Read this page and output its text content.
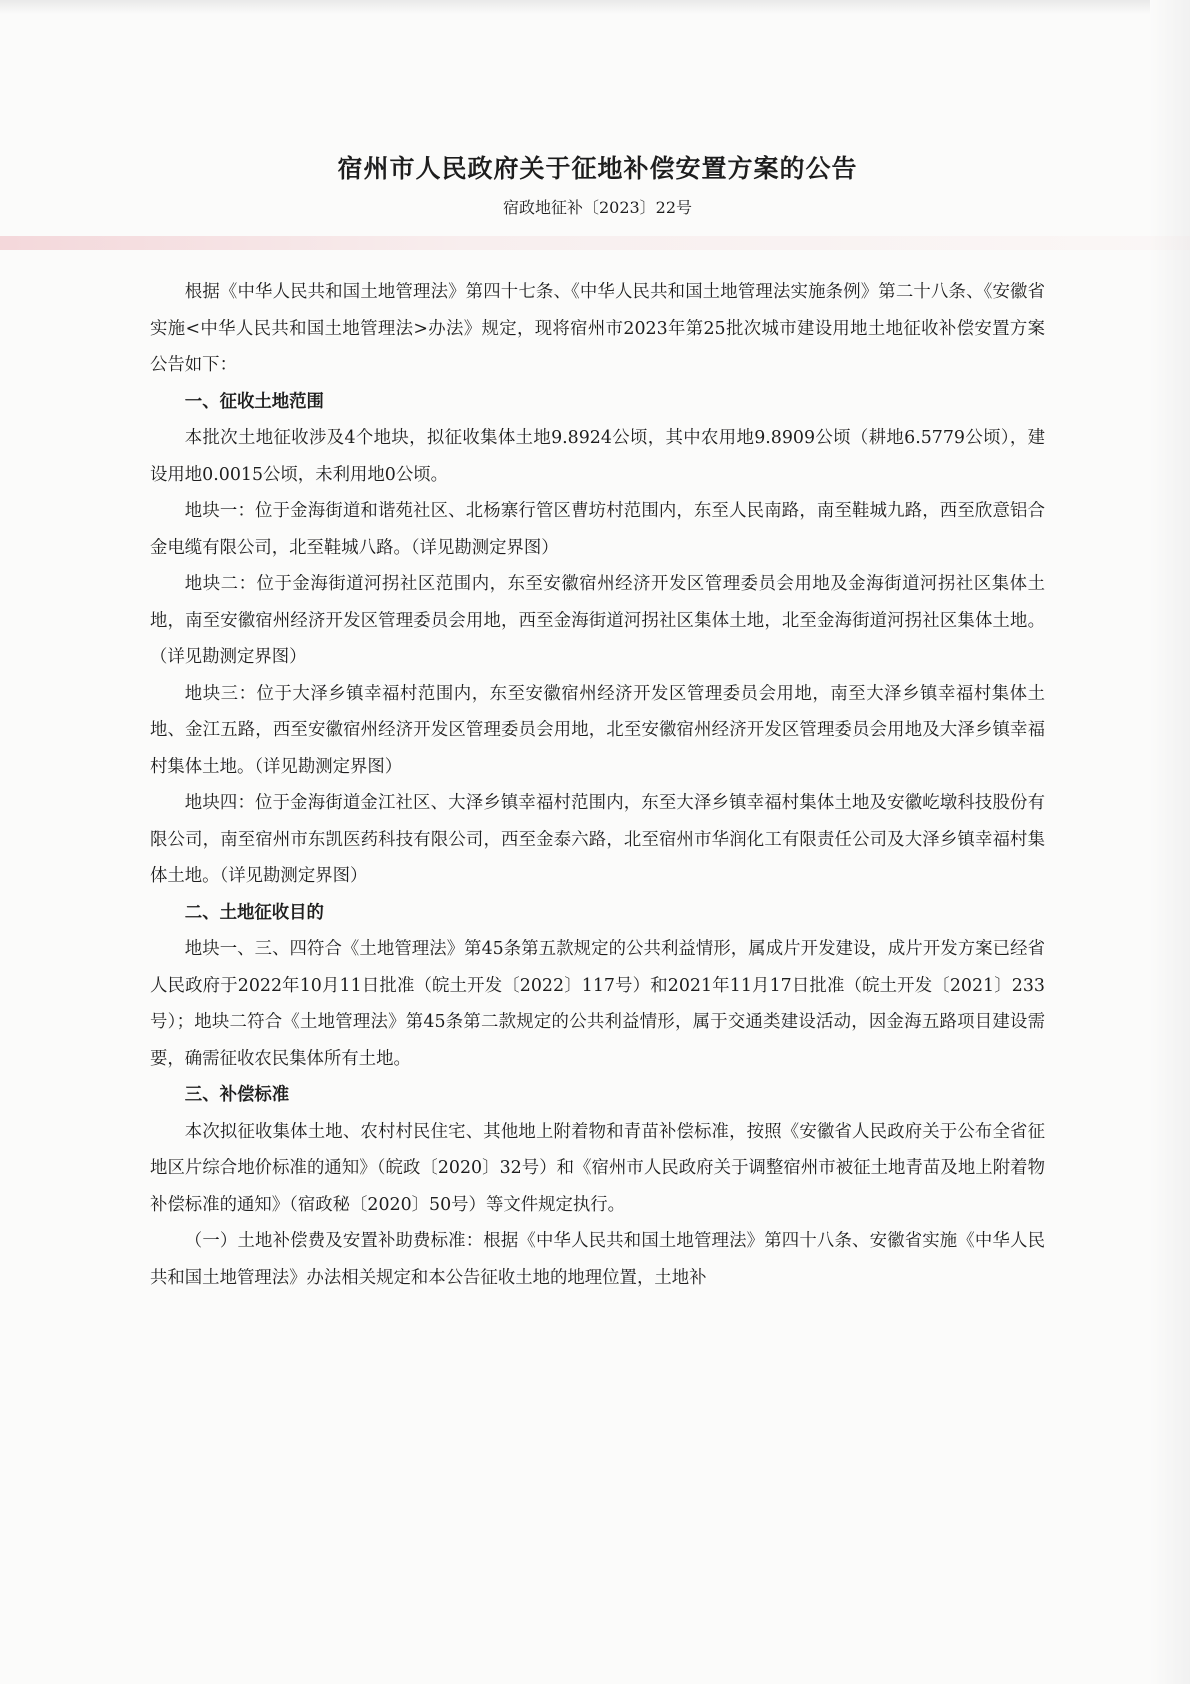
宿州市人民政府关于征地补偿安置方案的公告

宿政地征补〔2023〕22号

根据《中华人民共和国土地管理法》第四十七条、《中华人民共和国土地管理法实施条例》第二十八条、《安徽省实施<中华人民共和国土地管理法>办法》规定，现将宿州市2023年第25批次城市建设用地土地征收补偿安置方案公告如下：

一、征收土地范围

本批次土地征收涉及4个地块，拟征收集体土地9.8924公顷，其中农用地9.8909公顷（耕地6.5779公顷），建设用地0.0015公顷，未利用地0公顷。

地块一：位于金海街道和谐苑社区、北杨寨行管区曹坊村范围内，东至人民南路，南至鞋城九路，西至欣意铝合金电缆有限公司，北至鞋城八路。（详见勘测定界图）

地块二：位于金海街道河拐社区范围内，东至安徽宿州经济开发区管理委员会用地及金海街道河拐社区集体土地，南至安徽宿州经济开发区管理委员会用地，西至金海街道河拐社区集体土地，北至金海街道河拐社区集体土地。（详见勘测定界图）

地块三：位于大泽乡镇幸福村范围内，东至安徽宿州经济开发区管理委员会用地，南至大泽乡镇幸福村集体土地、金江五路，西至安徽宿州经济开发区管理委员会用地，北至安徽宿州经济开发区管理委员会用地及大泽乡镇幸福村集体土地。（详见勘测定界图）

地块四：位于金海街道金江社区、大泽乡镇幸福村范围内，东至大泽乡镇幸福村集体土地及安徽屹墩科技股份有限公司，南至宿州市东凯医药科技有限公司，西至金泰六路，北至宿州市华润化工有限责任公司及大泽乡镇幸福村集体土地。（详见勘测定界图）

二、土地征收目的

地块一、三、四符合《土地管理法》第45条第五款规定的公共利益情形，属成片开发建设，成片开发方案已经省人民政府于2022年10月11日批准（皖土开发〔2022〕117号）和2021年11月17日批准（皖土开发〔2021〕233号）；地块二符合《土地管理法》第45条第二款规定的公共利益情形，属于交通类建设活动，因金海五路项目建设需要，确需征收农民集体所有土地。

三、补偿标准

本次拟征收集体土地、农村村民住宅、其他地上附着物和青苗补偿标准，按照《安徽省人民政府关于公布全省征地区片综合地价标准的通知》（皖政〔2020〕32号）和《宿州市人民政府关于调整宿州市被征土地青苗及地上附着物补偿标准的通知》（宿政秘〔2020〕50号）等文件规定执行。

（一）土地补偿费及安置补助费标准：根据《中华人民共和国土地管理法》第四十八条、安徽省实施《中华人民共和国土地管理法》办法相关规定和本公告征收土地的地理位置，土地补
